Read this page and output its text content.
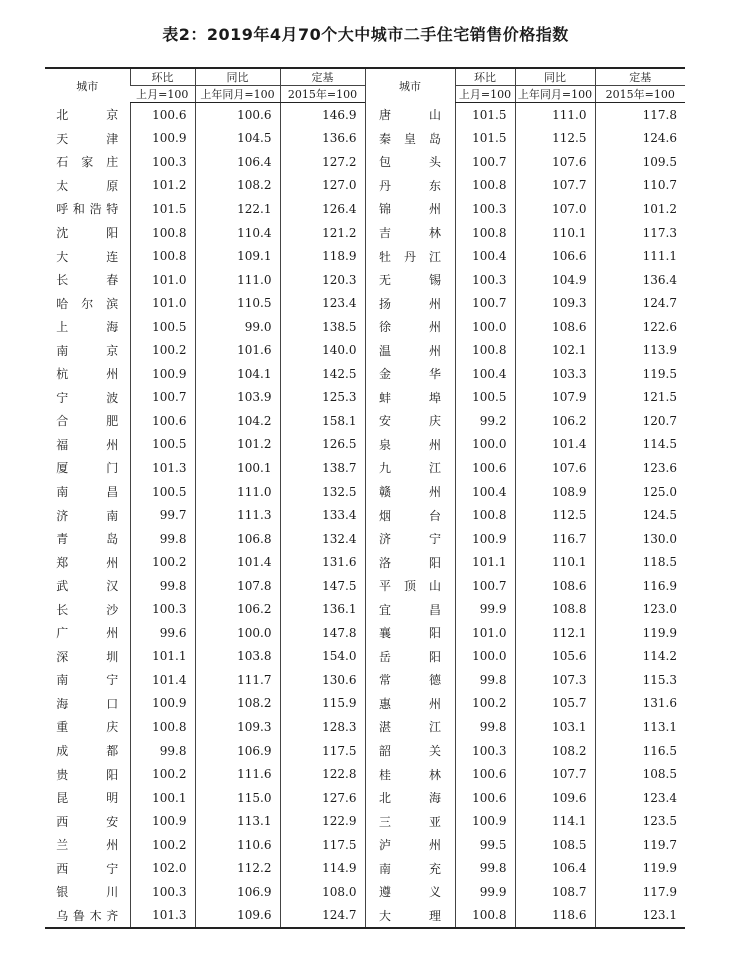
表2：2019年4月70个大中城市二手住宅销售价格指数
城市	环比	同比	定基	城市	环比	同比	定基
	上月=100	上年同月=100	2015年=100		上月=100	上年同月=100	2015年=100
北京	100.6	100.6	146.9	唐山	101.5	111.0	117.8
天津	100.9	104.5	136.6	秦皇岛	101.5	112.5	124.6
石家庄	100.3	106.4	127.2	包头	100.7	107.6	109.5
太原	101.2	108.2	127.0	丹东	100.8	107.7	110.7
呼和浩特	101.5	122.1	126.4	锦州	100.3	107.0	101.2
沈阳	100.8	110.4	121.2	吉林	100.8	110.1	117.3
大连	100.8	109.1	118.9	牡丹江	100.4	106.6	111.1
长春	101.0	111.0	120.3	无锡	100.3	104.9	136.4
哈尔滨	101.0	110.5	123.4	扬州	100.7	109.3	124.7
上海	100.5	99.0	138.5	徐州	100.0	108.6	122.6
南京	100.2	101.6	140.0	温州	100.8	102.1	113.9
杭州	100.9	104.1	142.5	金华	100.4	103.3	119.5
宁波	100.7	103.9	125.3	蚌埠	100.5	107.9	121.5
合肥	100.6	104.2	158.1	安庆	99.2	106.2	120.7
福州	100.5	101.2	126.5	泉州	100.0	101.4	114.5
厦门	101.3	100.1	138.7	九江	100.6	107.6	123.6
南昌	100.5	111.0	132.5	赣州	100.4	108.9	125.0
济南	99.7	111.3	133.4	烟台	100.8	112.5	124.5
青岛	99.8	106.8	132.4	济宁	100.9	116.7	130.0
郑州	100.2	101.4	131.6	洛阳	101.1	110.1	118.5
武汉	99.8	107.8	147.5	平顶山	100.7	108.6	116.9
长沙	100.3	106.2	136.1	宜昌	99.9	108.8	123.0
广州	99.6	100.0	147.8	襄阳	101.0	112.1	119.9
深圳	101.1	103.8	154.0	岳阳	100.0	105.6	114.2
南宁	101.4	111.7	130.6	常德	99.8	107.3	115.3
海口	100.9	108.2	115.9	惠州	100.2	105.7	131.6
重庆	100.8	109.3	128.3	湛江	99.8	103.1	113.1
成都	99.8	106.9	117.5	韶关	100.3	108.2	116.5
贵阳	100.2	111.6	122.8	桂林	100.6	107.7	108.5
昆明	100.1	115.0	127.6	北海	100.6	109.6	123.4
西安	100.9	113.1	122.9	三亚	100.9	114.1	123.5
兰州	100.2	110.6	117.5	泸州	99.5	108.5	119.7
西宁	102.0	112.2	114.9	南充	99.8	106.4	119.9
银川	100.3	106.9	108.0	遵义	99.9	108.7	117.9
乌鲁木齐	101.3	109.6	124.7	大理	100.8	118.6	123.1
